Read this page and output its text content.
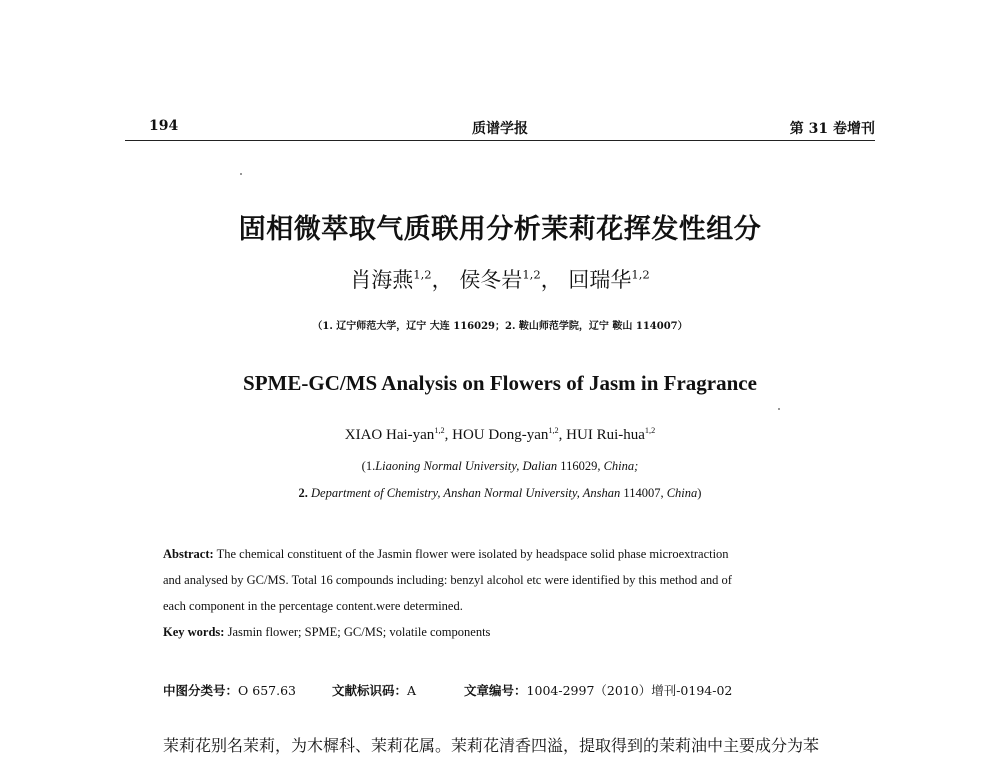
194	质谱学报	第 31 卷增刊
固相微萃取气质联用分析茉莉花挥发性组分
肖海燕$^{1,2}$， 侯冬岩$^{1,2}$， 回瑞华$^{1,2}$
（1. 辽宁师范大学，辽宁 大连 116029；2. 鞍山师范学院，辽宁 鞍山 114007）
SPME-GC/MS Analysis on Flowers of Jasm in Fragrance
XIAO Hai-yan$^{1,2}$, HOU Dong-yan$^{1,2}$, HUI Rui-hua$^{1,2}$
(1.Liaoning Normal University, Dalian 116029, China;
2. Department of Chemistry, Anshan Normal University, Anshan 114007, China)
Abstract: The chemical constituent of the Jasmin flower were isolated by headspace solid phase microextraction
and analysed by GC/MS. Total 16 compounds including: benzyl alcohol etc were identified by this method and of
each component in the percentage content.were determined.
Key words: Jasmin flower; SPME; GC/MS; volatile components
中图分类号：O 657.63	文献标识码：A	文章编号：1004-2997（2010）增刊-0194-02
茉莉花别名茉莉，为木樨科、茉莉花属。茉莉花清香四溢，提取得到的茉莉油中主要成分为苯
